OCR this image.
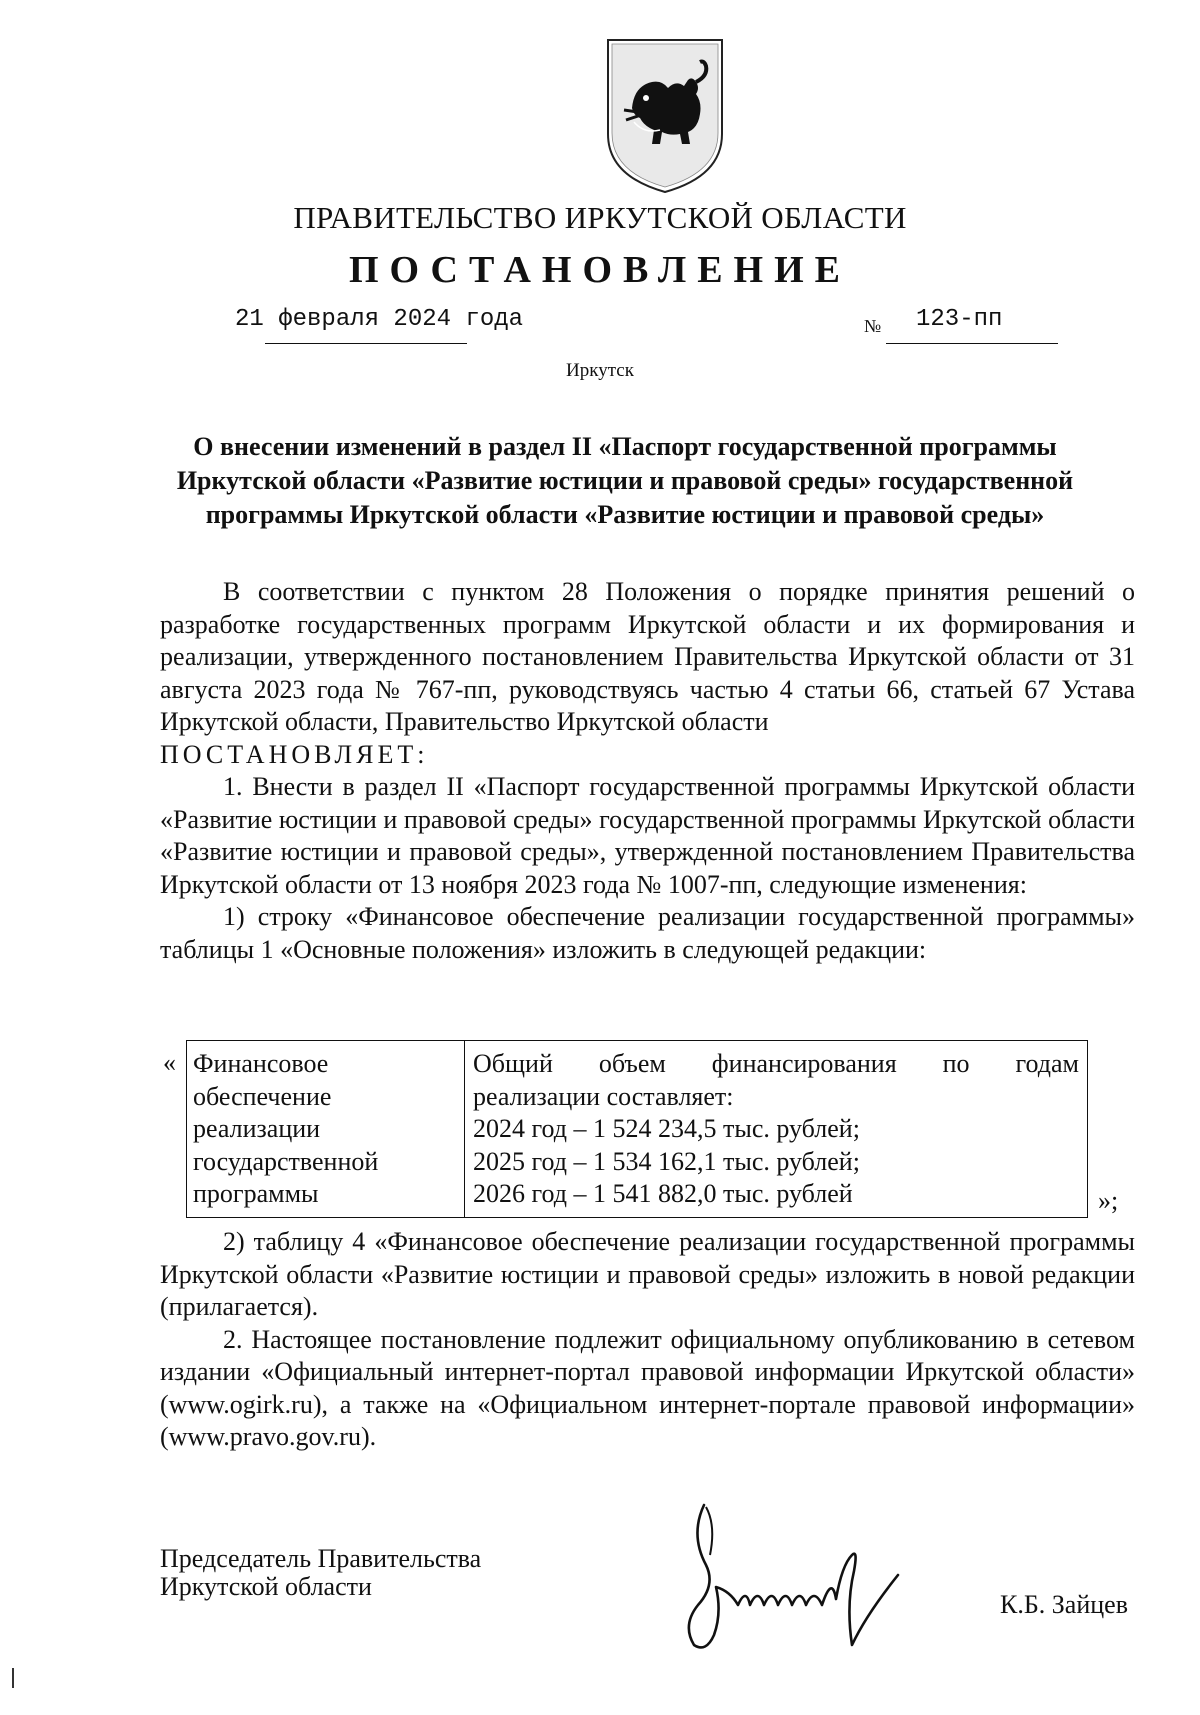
ПРАВИТЕЛЬСТВО ИРКУТСКОЙ ОБЛАСТИ
ПОСТАНОВЛЕНИЕ
21 февраля 2024 года	№ 123-пп
Иркутск
О внесении изменений в раздел II «Паспорт государственной программы Иркутской области «Развитие юстиции и правовой среды» государственной программы Иркутской области «Развитие юстиции и правовой среды»

В соответствии с пунктом 28 Положения о порядке принятия решений о разработке государственных программ Иркутской области и их формирования и реализации, утвержденного постановлением Правительства Иркутской области от 31 августа 2023 года № 767-пп, руководствуясь частью 4 статьи 66, статьей 67 Устава Иркутской области, Правительство Иркутской области

ПОСТАНОВЛЯЕТ:

1. Внести в раздел II «Паспорт государственной программы Иркутской области «Развитие юстиции и правовой среды» государственной программы Иркутской области «Развитие юстиции и правовой среды», утвержденной постановлением Правительства Иркутской области от 13 ноября 2023 года № 1007-пп, следующие изменения:

1) строку «Финансовое обеспечение реализации государственной программы» таблицы 1 «Основные положения» изложить в следующей редакции:

« Финансовое
обеспечение
реализации
государственной
программы
Общий объем финансирования по годам
реализации составляет:
2024 год – 1 524 234,5 тыс. рублей;
2025 год – 1 534 162,1 тыс. рублей;
2026 год – 1 541 882,0 тыс. рублей	»;

2) таблицу 4 «Финансовое обеспечение реализации государственной программы Иркутской области «Развитие юстиции и правовой среды» изложить в новой редакции (прилагается).

2. Настоящее постановление подлежит официальному опубликованию в сетевом издании «Официальный интернет-портал правовой информации Иркутской области» (www.ogirk.ru), а также на «Официальном интернет-портале правовой информации» (www.pravo.gov.ru).

Председатель Правительства
Иркутской области
К.Б. Зайцев
